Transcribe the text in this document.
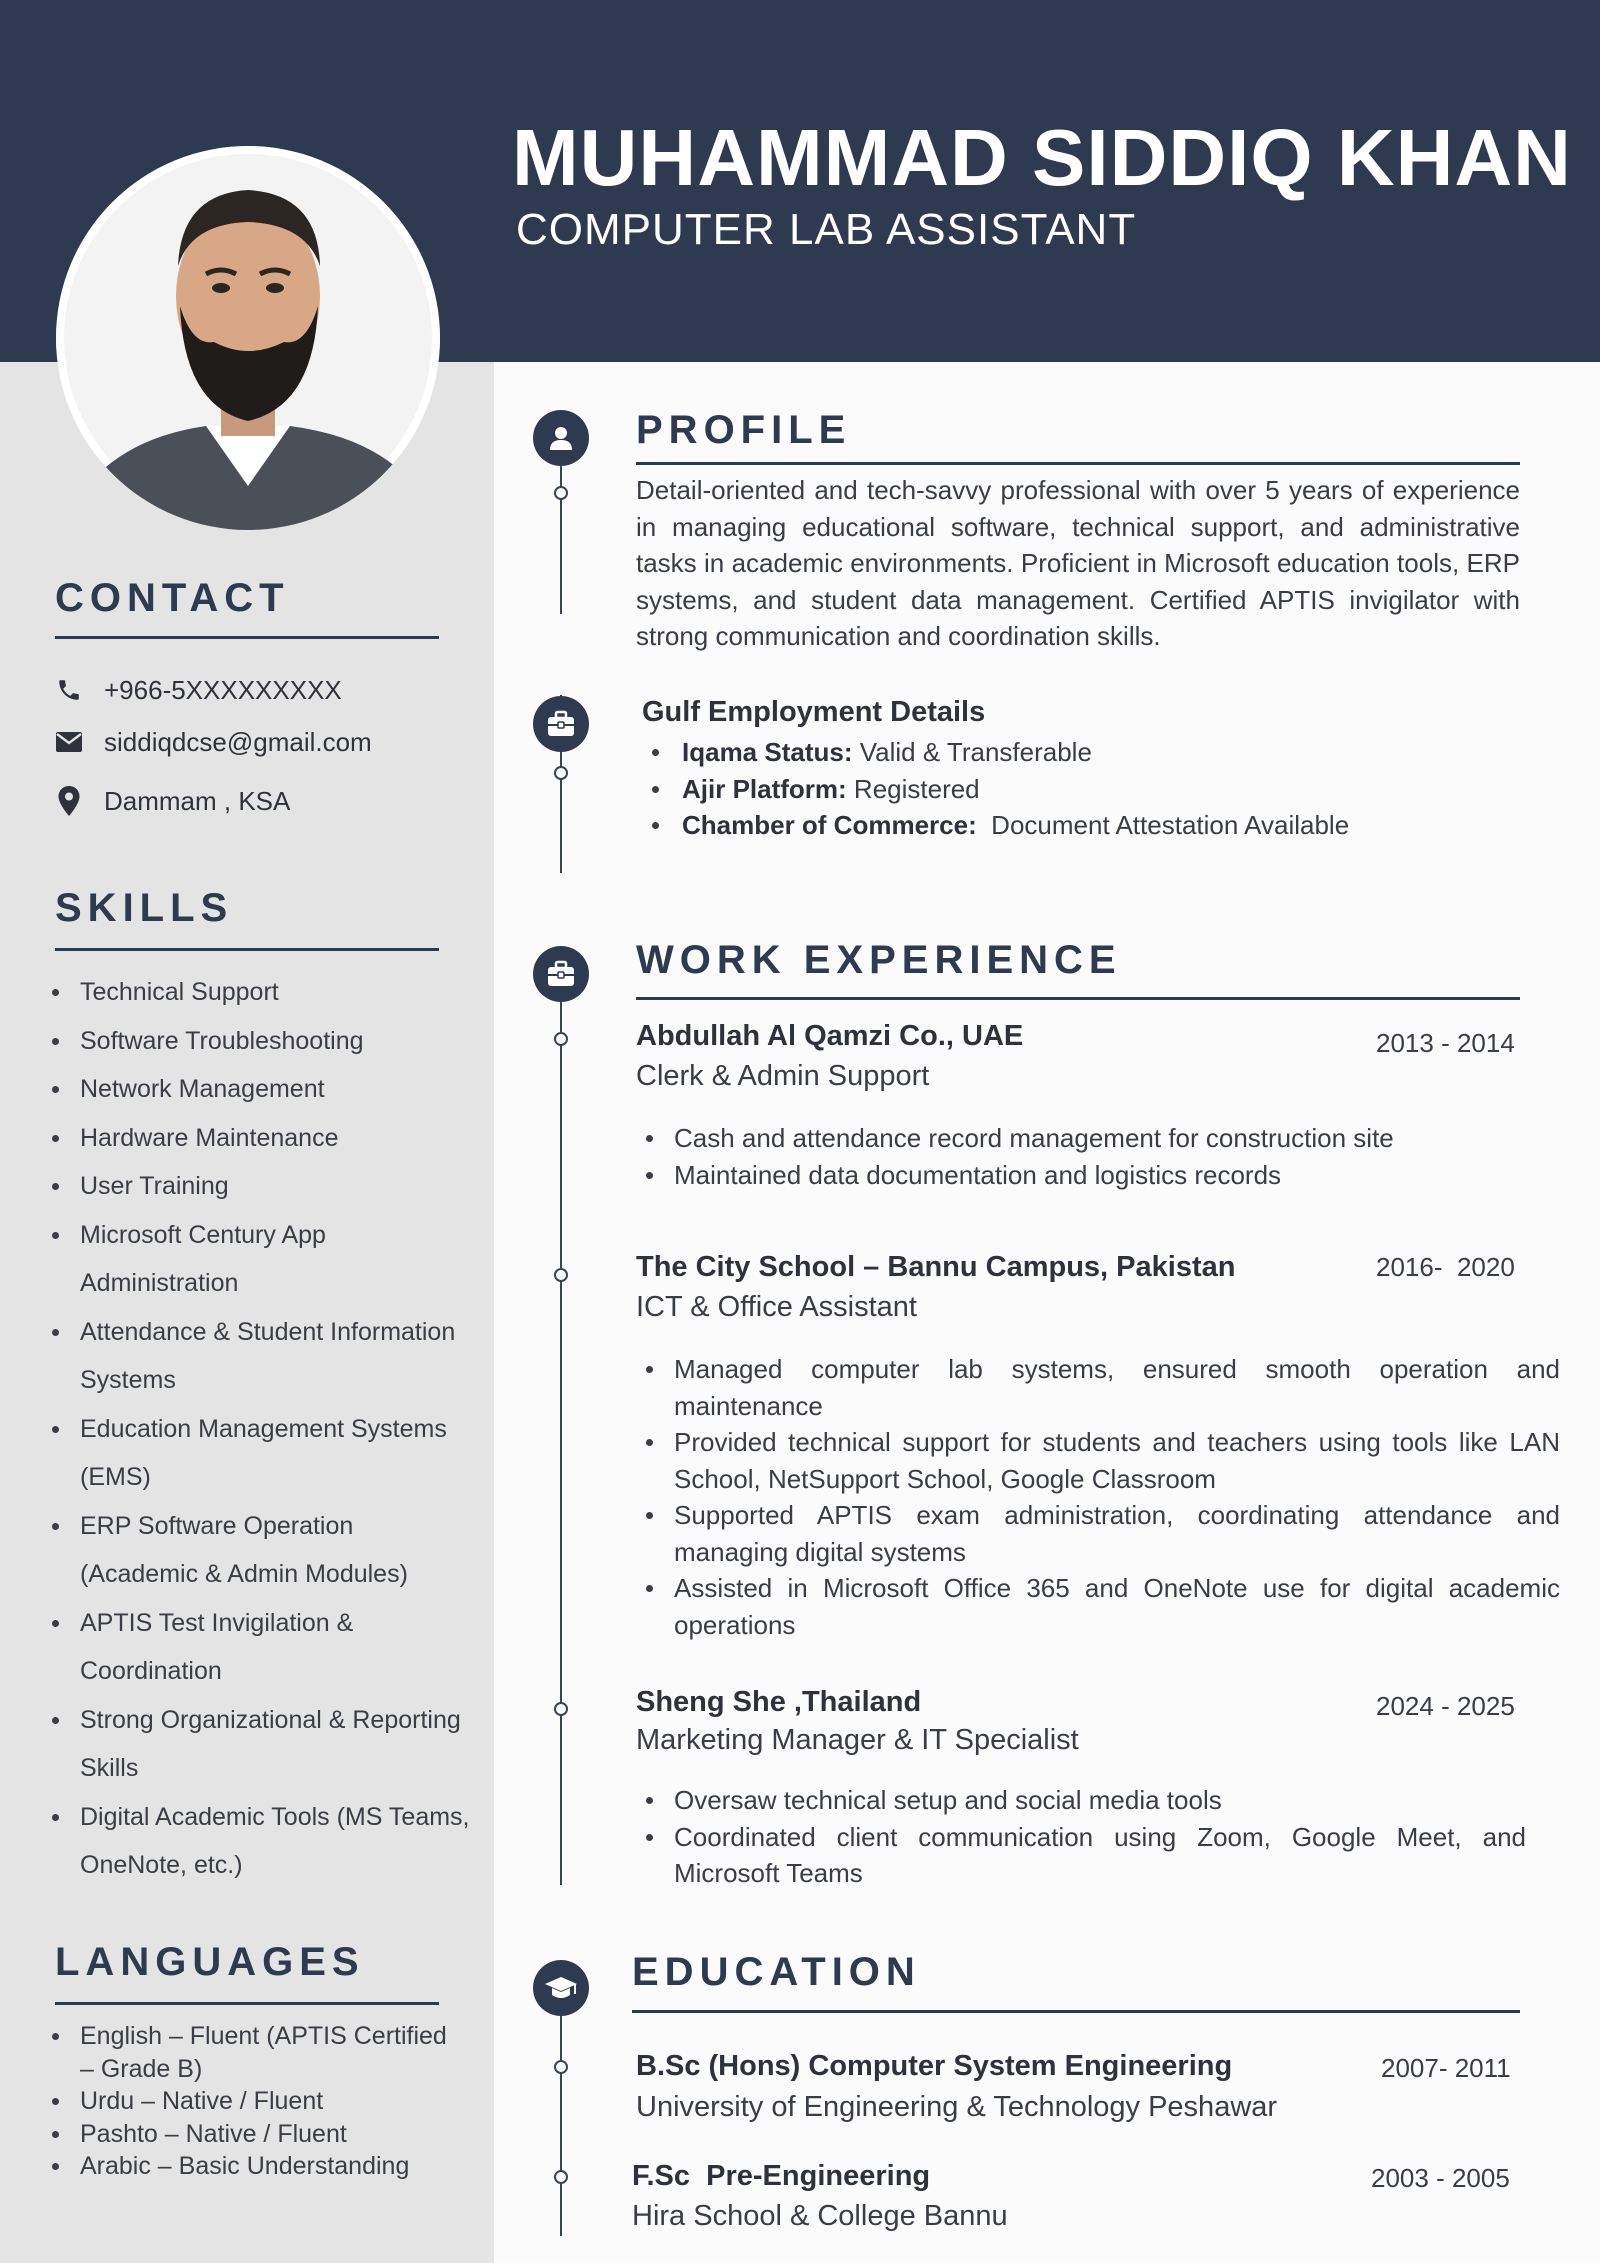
MUHAMMAD SIDDIQ KHAN
COMPUTER LAB ASSISTANT
CONTACT
+966-5XXXXXXXXX
siddiqdcse@gmail.com
Dammam , KSA
SKILLS
Technical Support
Software Troubleshooting
Network Management
Hardware Maintenance
User Training
Microsoft Century App Administration
Attendance & Student Information Systems
Education Management Systems (EMS)
ERP Software Operation (Academic & Admin Modules)
APTIS Test Invigilation & Coordination
Strong Organizational & Reporting Skills
Digital Academic Tools (MS Teams, OneNote, etc.)
LANGUAGES
English – Fluent (APTIS Certified – Grade B)
Urdu – Native / Fluent
Pashto – Native / Fluent
Arabic – Basic Understanding
PROFILE
Detail-oriented and tech-savvy professional with over 5 years of experience in managing educational software, technical support, and administrative tasks in academic environments. Proficient in Microsoft education tools, ERP systems, and student data management. Certified APTIS invigilator with strong communication and coordination skills.
Gulf Employment Details
Iqama Status: Valid & Transferable
Ajir Platform: Registered
Chamber of Commerce:  Document Attestation Available
WORK EXPERIENCE
Abdullah Al Qamzi Co., UAE	2013 - 2014
Clerk & Admin Support
Cash and attendance record management for construction site
Maintained data documentation and logistics records
The City School – Bannu Campus, Pakistan	2016-  2020
ICT & Office Assistant
Managed computer lab systems, ensured smooth operation and maintenance
Provided technical support for students and teachers using tools like LAN School, NetSupport School, Google Classroom
Supported APTIS exam administration, coordinating attendance and managing digital systems
Assisted in Microsoft Office 365 and OneNote use for digital academic operations
Sheng She ,Thailand	2024 - 2025
Marketing Manager & IT Specialist
Oversaw technical setup and social media tools
Coordinated client communication using Zoom, Google Meet, and Microsoft Teams
EDUCATION
B.Sc (Hons) Computer System Engineering	2007- 2011
University of Engineering & Technology Peshawar
F.Sc  Pre-Engineering	2003 - 2005
Hira School & College Bannu
